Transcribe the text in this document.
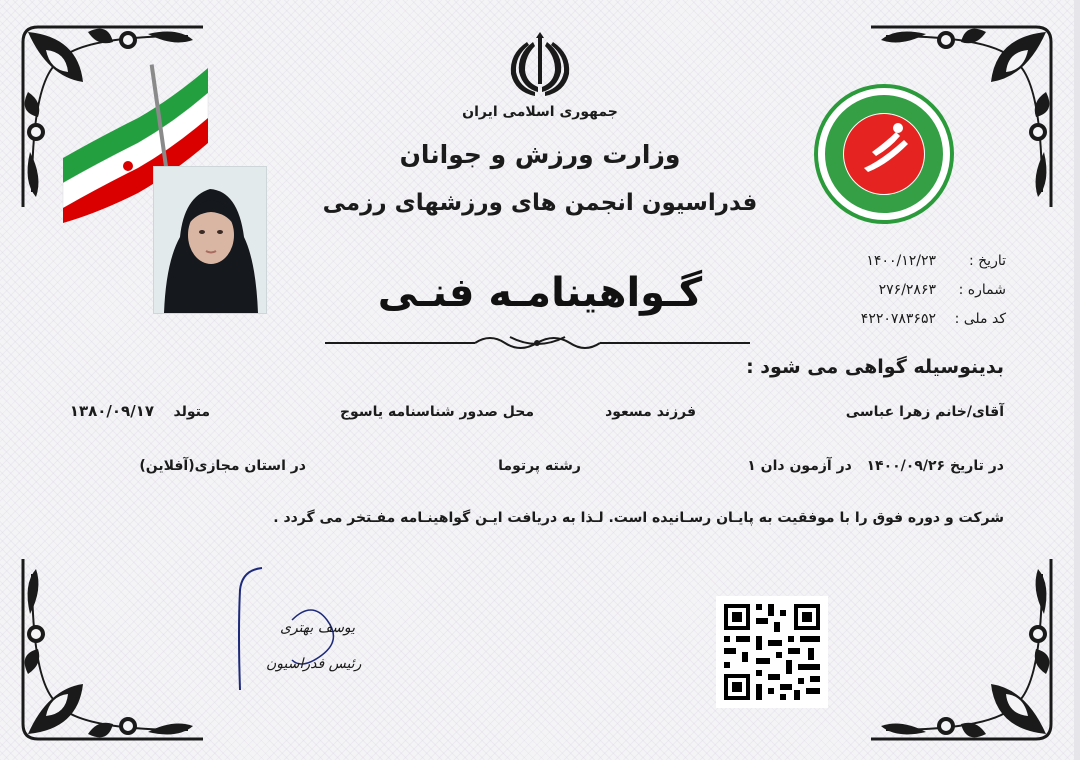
جمهوری اسلامی ایران
وزارت ورزش و جوانان
فدراسیون انجمن های ورزشهای رزمی
تاریخ :
۱۴۰۰/۱۲/۲۳
شماره :
۲۷۶/۲۸۶۳
کد ملی :
۴۲۲۰۷۸۳۶۵۲
گـواهینامـه فنـی
بدینوسیله گواهی می شود :
آقای/خانم زهرا عباسی
فرزند مسعود
محل صدور شناسنامه یاسوج
متولد
۱۳۸۰/۰۹/۱۷
در تاریخ ۱۴۰۰/۰۹/۲۶   در آزمون دان ۱
رشته پرتوما
در استان مجازی(آفلاین)
شرکت و دوره فوق را با موفقیت به پایـان رسـانیده است. لـذا به دریافت ایـن گواهینـامه مفـتخر می گردد .
یوسف بهتری
رئیس فدراسیون
